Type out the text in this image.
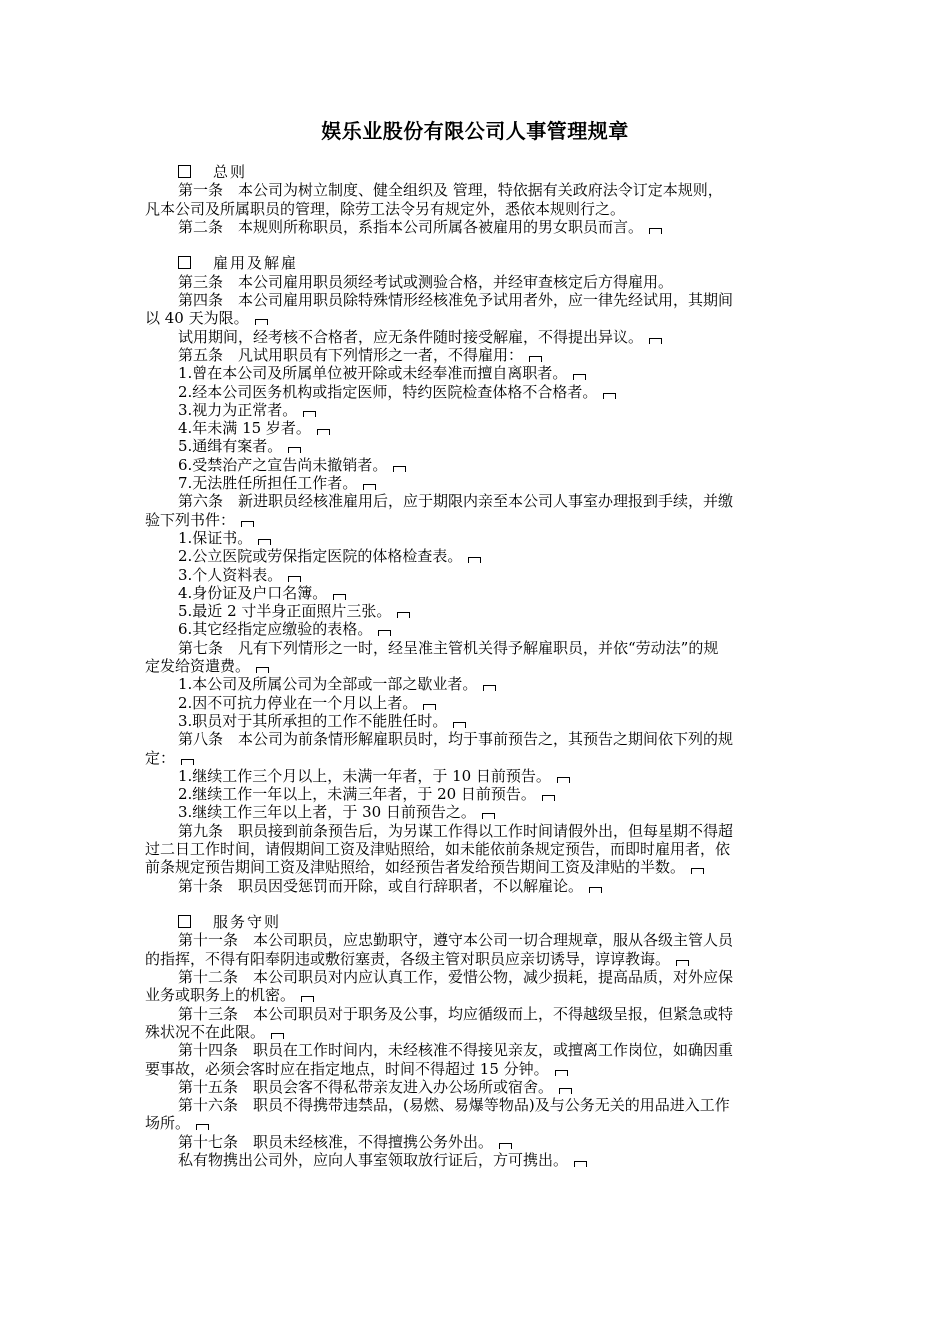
娱乐业股份有限公司人事管理规章
总则
第一条　本公司为树立制度、健全组织及 管理，特依据有关政府法令订定本规则，
凡本公司及所属职员的管理，除劳工法令另有规定外，悉依本规则行之。
第二条　本规则所称职员，系指本公司所属各被雇用的男女职员而言。
雇用及解雇
第三条　本公司雇用职员须经考试或测验合格，并经审查核定后方得雇用。
第四条　本公司雇用职员除特殊情形经核准免予试用者外，应一律先经试用，其期间
以 40 天为限。
试用期间，经考核不合格者，应无条件随时接受解雇，不得提出异议。
第五条　凡试用职员有下列情形之一者，不得雇用：
1.曾在本公司及所属单位被开除或未经奉准而擅自离职者。
2.经本公司医务机构或指定医师，特约医院检查体格不合格者。
3.视力为正常者。
4.年未满 15 岁者。
5.通缉有案者。
6.受禁治产之宣告尚未撤销者。
7.无法胜任所担任工作者。
第六条　新进职员经核准雇用后，应于期限内亲至本公司人事室办理报到手续，并缴
验下列书件：
1.保证书。
2.公立医院或劳保指定医院的体格检查表。
3.个人资料表。
4.身份证及户口名簿。
5.最近 2 寸半身正面照片三张。
6.其它经指定应缴验的表格。
第七条　凡有下列情形之一时，经呈准主管机关得予解雇职员，并依“劳动法”的规
定发给资遣费。
1.本公司及所属公司为全部或一部之歇业者。
2.因不可抗力停业在一个月以上者。
3.职员对于其所承担的工作不能胜任时。
第八条　本公司为前条情形解雇职员时，均于事前预告之，其预告之期间依下列的规
定：
1.继续工作三个月以上，未满一年者，于 10 日前预告。
2.继续工作一年以上，未满三年者，于 20 日前预告。
3.继续工作三年以上者，于 30 日前预告之。
第九条　职员接到前条预告后，为另谋工作得以工作时间请假外出，但每星期不得超
过二日工作时间，请假期间工资及津贴照给，如未能依前条规定预告，而即时雇用者，依
前条规定预告期间工资及津贴照给，如经预告者发给预告期间工资及津贴的半数。
第十条　职员因受惩罚而开除，或自行辞职者，不以解雇论。
服务守则
第十一条　本公司职员，应忠勤职守，遵守本公司一切合理规章，服从各级主管人员
的指挥，不得有阳奉阴违或敷衍塞责，各级主管对职员应亲切诱导，谆谆教诲。
第十二条　本公司职员对内应认真工作，爱惜公物，减少损耗，提高品质，对外应保
业务或职务上的机密。
第十三条　本公司职员对于职务及公事，均应循级而上，不得越级呈报，但紧急或特
殊状况不在此限。
第十四条　职员在工作时间内，未经核准不得接见亲友，或擅离工作岗位，如确因重
要事故，必须会客时应在指定地点，时间不得超过 15 分钟。
第十五条　职员会客不得私带亲友进入办公场所或宿舍。
第十六条　职员不得携带违禁品，(易燃、易爆等物品)及与公务无关的用品进入工作
场所。
第十七条　职员未经核准，不得擅携公务外出。
私有物携出公司外，应向人事室领取放行证后，方可携出。
